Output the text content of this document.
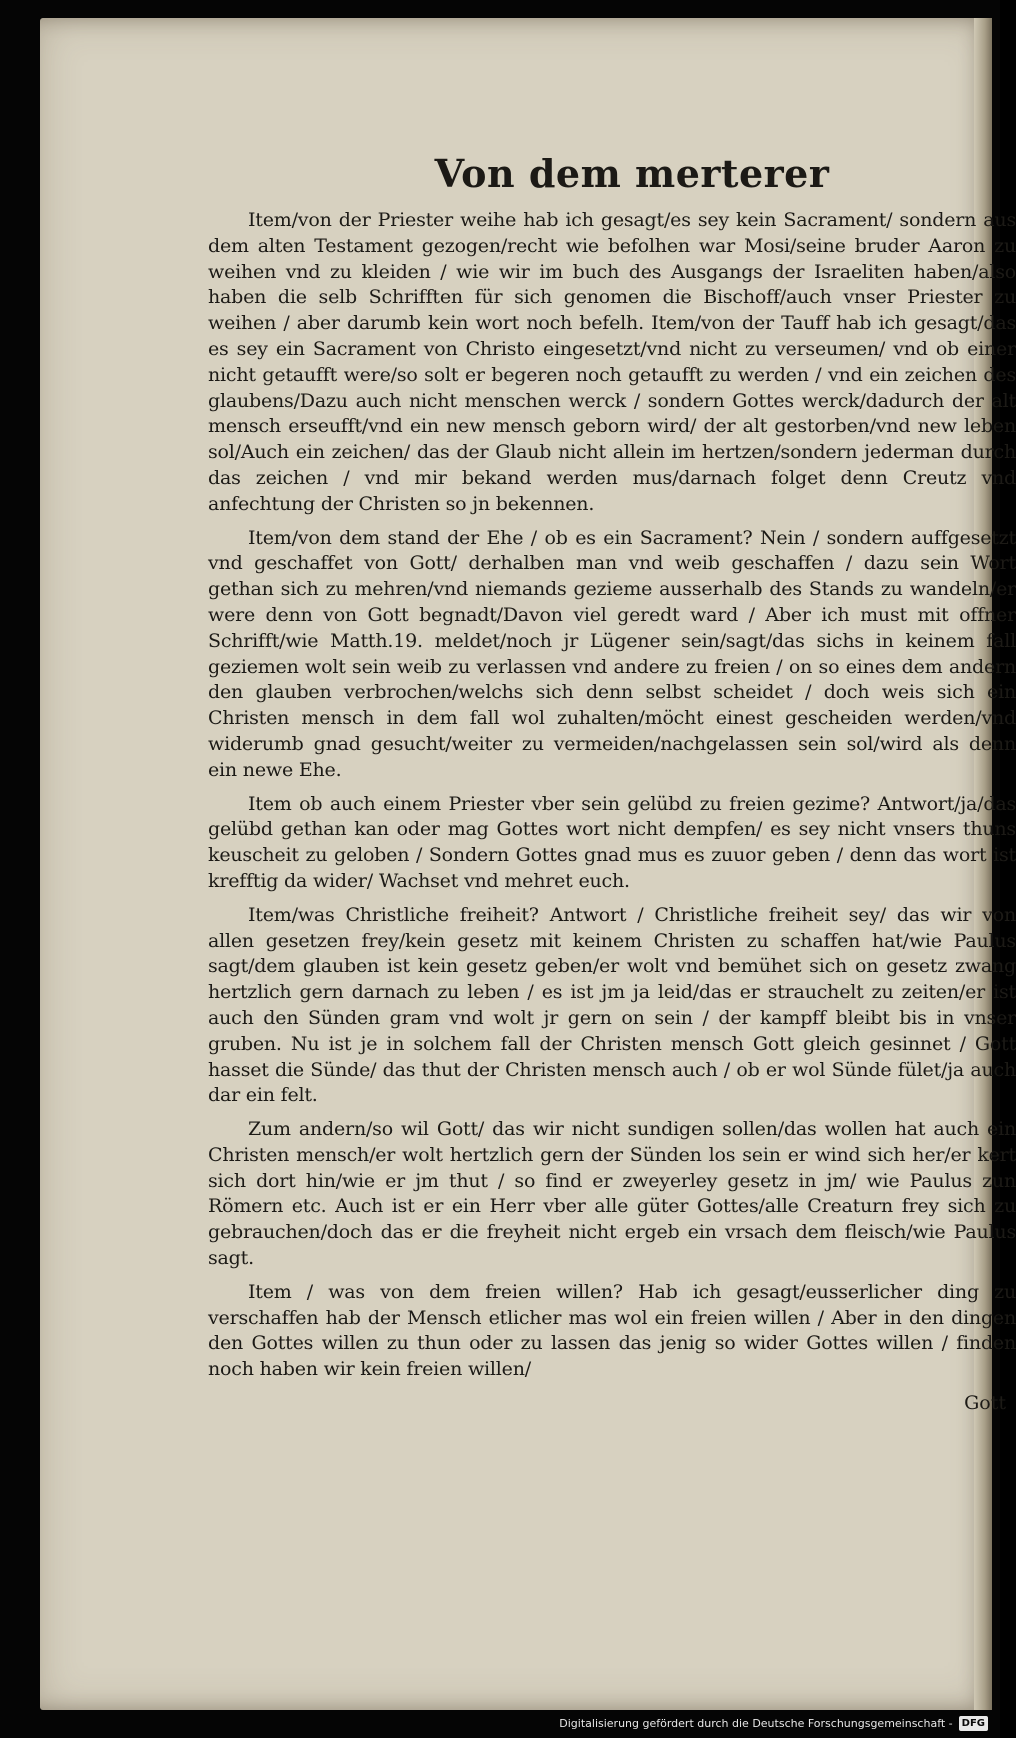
Von dem merterer

Item/von der Priester weihe hab ich gesagt/es sey kein Sacrament/ sondern aus dem alten Testament gezogen/recht wie befolhen war Mosi/seine bruder Aaron zu weihen vnd zu kleiden / wie wir im buch des Ausgangs der Israeliten haben/also haben die selb Schrifften für sich genomen die Bischoff/auch vnser Priester zu weihen / aber darumb kein wort noch befelh. Item/von der Tauff hab ich gesagt/das es sey ein Sacrament von Christo eingesetzt/vnd nicht zu verseumen/ vnd ob einer nicht getaufft were/so solt er begeren noch getaufft zu werden / vnd ein zeichen des glaubens/Dazu auch nicht menschen werck / sondern Gottes werck/dadurch der alt mensch erseufft/vnd ein new mensch geborn wird/ der alt gestorben/vnd new leben sol/Auch ein zeichen/ das der Glaub nicht allein im hertzen/sondern jederman durch das zeichen / vnd mir bekand werden mus/darnach folget denn Creutz vnd anfechtung der Christen so jn bekennen.

Item/von dem stand der Ehe / ob es ein Sacrament? Nein / sondern auffgesetzt vnd geschaffet von Gott/ derhalben man vnd weib geschaffen / dazu sein Wort gethan sich zu mehren/vnd niemands gezieme ausserhalb des Stands zu wandeln/er were denn von Gott begnadt/Davon viel geredt ward / Aber ich must mit offner Schrifft/wie Matth.19. meldet/noch jr Lügener sein/sagt/das sichs in keinem fall geziemen wolt sein weib zu verlassen vnd andere zu freien / on so eines dem andern den glauben verbrochen/welchs sich denn selbst scheidet / doch weis sich ein Christen mensch in dem fall wol zuhalten/möcht einest gescheiden werden/vnd widerumb gnad gesucht/weiter zu vermeiden/nachgelassen sein sol/wird als denn ein newe Ehe.

Item ob auch einem Priester vber sein gelübd zu freien gezime? Antwort/ja/das gelübd gethan kan oder mag Gottes wort nicht dempfen/ es sey nicht vnsers thuns keuscheit zu geloben / Sondern Gottes gnad mus es zuuor geben / denn das wort ist krefftig da wider/ Wachset vnd mehret euch.

Item/was Christliche freiheit? Antwort / Christliche freiheit sey/ das wir von allen gesetzen frey/kein gesetz mit keinem Christen zu schaffen hat/wie Paulus sagt/dem glauben ist kein gesetz geben/er wolt vnd bemühet sich on gesetz zwang hertzlich gern darnach zu leben / es ist jm ja leid/das er strauchelt zu zeiten/er ist auch den Sünden gram vnd wolt jr gern on sein / der kampff bleibt bis in vnser gruben. Nu ist je in solchem fall der Christen mensch Gott gleich gesinnet / Gott hasset die Sünde/ das thut der Christen mensch auch / ob er wol Sünde fület/ja auch dar ein felt.

Zum andern/so wil Gott/ das wir nicht sundigen sollen/das wollen hat auch ein Christen mensch/er wolt hertzlich gern der Sünden los sein er wind sich her/er kert sich dort hin/wie er jm thut / so find er zweyerley gesetz in jm/ wie Paulus zun Römern etc. Auch ist er ein Herr vber alle güter Gottes/alle Creaturn frey sich zu gebrauchen/doch das er die freyheit nicht ergeb ein vrsach dem fleisch/wie Paulus sagt.

Item / was von dem freien willen? Hab ich gesagt/eusserlicher ding zu verschaffen hab der Mensch etlicher mas wol ein freien willen / Aber in den dingen den Gottes willen zu thun oder zu lassen das jenig so wider Gottes willen / finden noch haben wir kein freien willen/

Gott

Digitalisierung gefördert durch die Deutsche Forschungsgemeinschaft - DFG
